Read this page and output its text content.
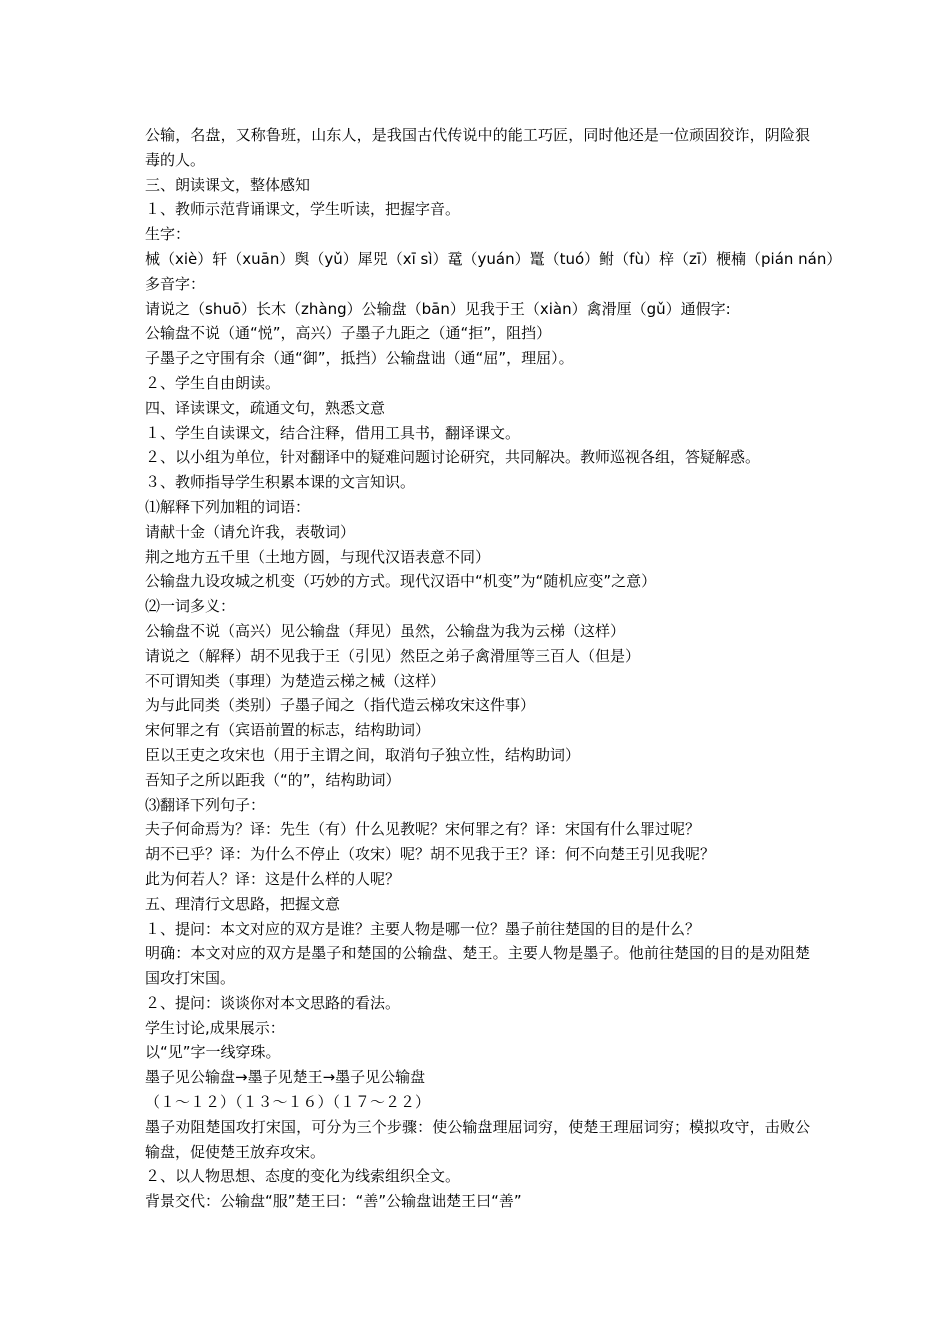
公输，名盘，又称鲁班，山东人，是我国古代传说中的能工巧匠，同时他还是一位顽固狡诈，阴险狠毒的人。
三、朗读课文，整体感知
１、教师示范背诵课文，学生听读，把握字音。
生字：
械（xiè）轩（xuān）舆（yǔ）犀兕（xī sì）鼋（yuán）鼍（tuó）鲋（fù）梓（zī）楩楠（pián nán）
多音字：
请说之（shuō）长木（zhàng）公输盘（bān）见我于王（xiàn）禽滑厘（gǔ）通假字:
公输盘不说（通“悦”，高兴）子墨子九距之（通“拒”，阻挡）
子墨子之守围有余（通“御”，抵挡）公输盘诎（通“屈”，理屈）。
２、学生自由朗读。
四、译读课文，疏通文句，熟悉文意
１、学生自读课文，结合注释，借用工具书，翻译课文。
２、以小组为单位，针对翻译中的疑难问题讨论研究，共同解决。教师巡视各组，答疑解惑。
３、教师指导学生积累本课的文言知识。
⑴解释下列加粗的词语：
请献十金（请允许我，表敬词）
荆之地方五千里（土地方圆，与现代汉语表意不同）
公输盘九设攻城之机变（巧妙的方式。现代汉语中“机变”为“随机应变”之意）
⑵一词多义：
公输盘不说（高兴）见公输盘（拜见）虽然，公输盘为我为云梯（这样）
请说之（解释）胡不见我于王（引见）然臣之弟子禽滑厘等三百人（但是）
不可谓知类（事理）为楚造云梯之械（这样）
为与此同类（类别）子墨子闻之（指代造云梯攻宋这件事）
宋何罪之有（宾语前置的标志，结构助词）
臣以王吏之攻宋也（用于主谓之间，取消句子独立性，结构助词）
吾知子之所以距我（“的”，结构助词）
⑶翻译下列句子：
夫子何命焉为？译：先生（有）什么见教呢？宋何罪之有？译：宋国有什么罪过呢？
胡不已乎？译：为什么不停止（攻宋）呢？胡不见我于王？译：何不向楚王引见我呢？
此为何若人？译：这是什么样的人呢？
五、理清行文思路，把握文意
１、提问：本文对应的双方是谁？主要人物是哪一位？墨子前往楚国的目的是什么？
明确：本文对应的双方是墨子和楚国的公输盘、楚王。主要人物是墨子。他前往楚国的目的是劝阻楚国攻打宋国。
２、提问：谈谈你对本文思路的看法。
学生讨论,成果展示：
以“见”字一线穿珠。
墨子见公输盘→墨子见楚王→墨子见公输盘
（１～１２）（１３～１６）（１７～２２）
墨子劝阻楚国攻打宋国，可分为三个步骤：使公输盘理屈词穷，使楚王理屈词穷；模拟攻守，击败公输盘，促使楚王放弃攻宋。
２、以人物思想、态度的变化为线索组织全文。
背景交代：公输盘“服”楚王曰：“善”公输盘诎楚王曰“善”
